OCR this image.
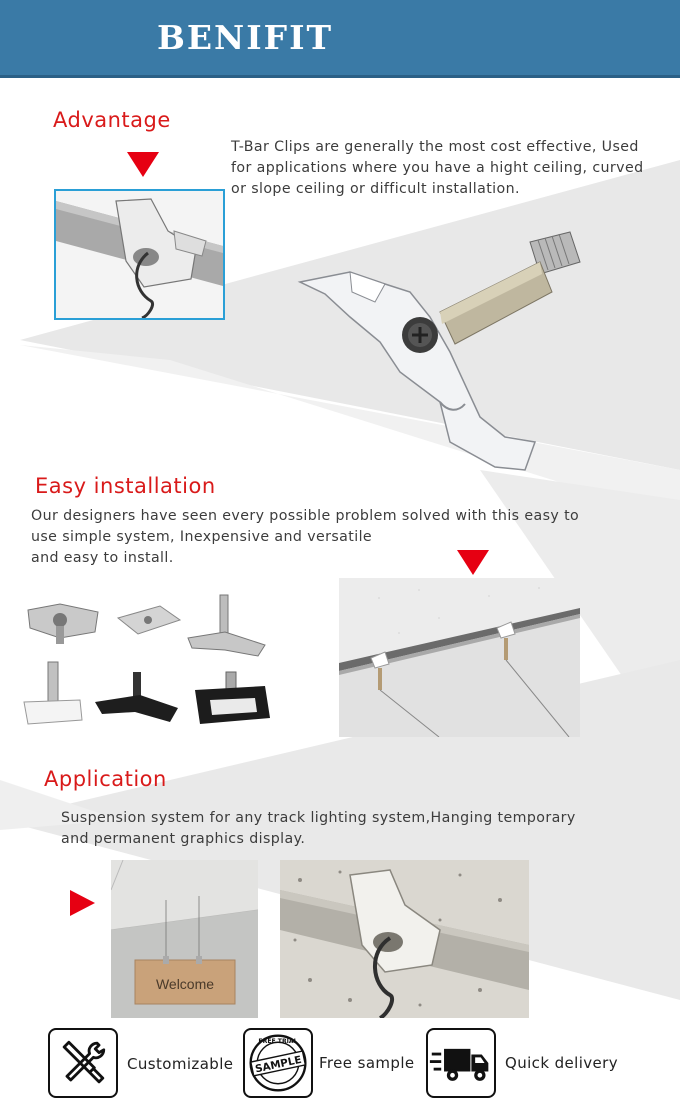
BENIFIT
Advantage
T-Bar Clips are generally the most cost effective, Used
for applications where you have a hight ceiling, curved
or slope ceiling or difficult installation.
Easy installation
Our designers have seen every possible problem solved with this easy to
use simple system, Inexpensive and versatile
and easy to install.
Application
Suspension system for any track lighting system,Hanging temporary
and permanent graphics display.
Welcome
Customizable
FREE TRIAL
SAMPLE Free sample	Quick delivery
